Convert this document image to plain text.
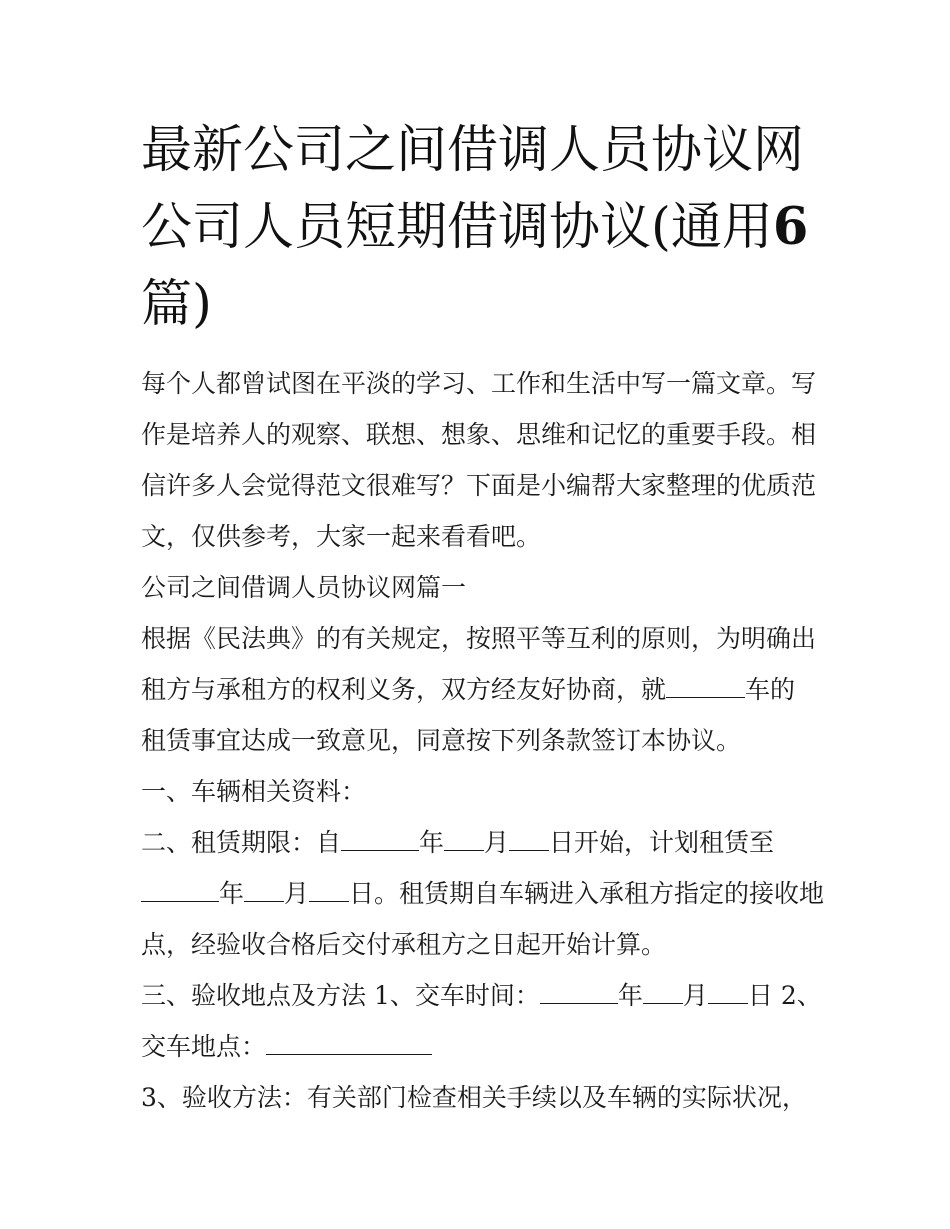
最新公司之间借调人员协议网
公司人员短期借调协议(通用6
篇)
每个人都曾试图在平淡的学习、工作和生活中写一篇文章。写
作是培养人的观察、联想、想象、思维和记忆的重要手段。相
信许多人会觉得范文很难写？下面是小编帮大家整理的优质范
文，仅供参考，大家一起来看看吧。
公司之间借调人员协议网篇一
根据《民法典》的有关规定，按照平等互利的原则，为明确出
租方与承租方的权利义务，双方经友好协商，就	车的
租赁事宜达成一致意见，同意按下列条款签订本协议。
一、车辆相关资料：
二、租赁期限：自	年 月 日开始，计划租赁至
年 月 日。租赁期自车辆进入承租方指定的接收地
点，经验收合格后交付承租方之日起开始计算。
三、验收地点及方法 1、交车时间：	年 月 日 2、
交车地点：
3、验收方法：有关部门检查相关手续以及车辆的实际状况，
